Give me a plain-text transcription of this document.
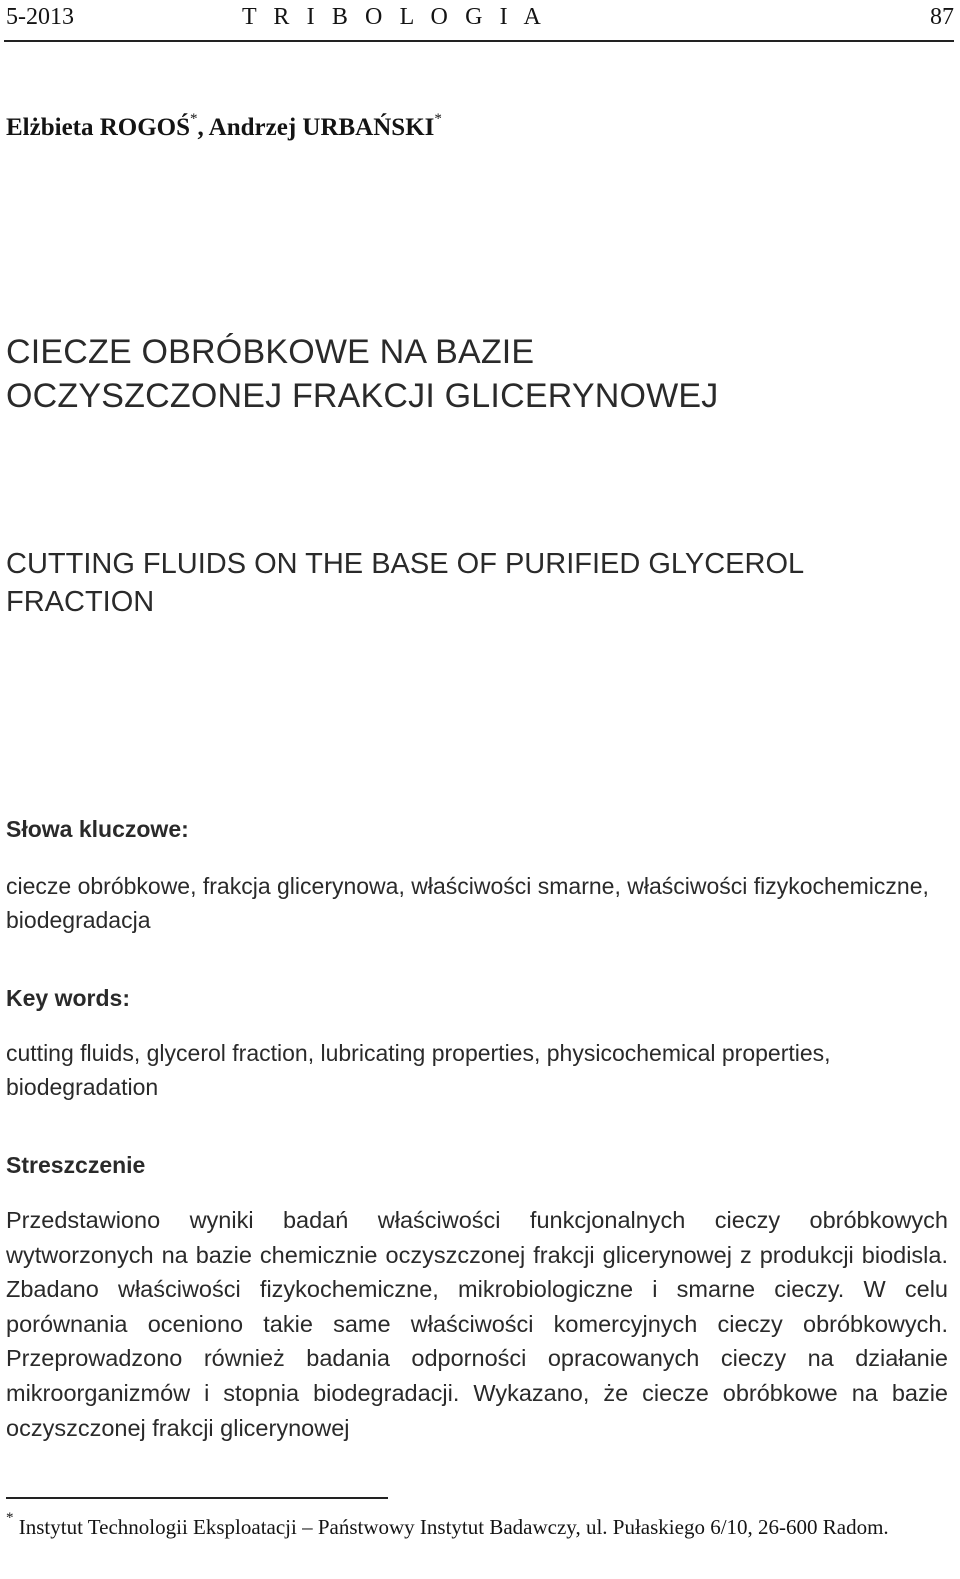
5-2013	T R I B O L O G I A	87
Elżbieta ROGOŚ*, Andrzej URBAŃSKI*
CIECZE OBRÓBKOWE NA BAZIE
OCZYSZCZONEJ FRAKCJI GLICERYNOWEJ
CUTTING FLUIDS ON THE BASE OF PURIFIED GLYCEROL
FRACTION
Słowa kluczowe:
ciecze obróbkowe, frakcja glicerynowa, właściwości smarne, właściwości fizykochemiczne, biodegradacja
Key words:
cutting fluids, glycerol fraction, lubricating properties, physicochemical properties, biodegradation
Streszczenie

Przedstawiono wyniki badań właściwości funkcjonalnych cieczy obróbkowych wytworzonych na bazie chemicznie oczyszczonej frakcji glicerynowej z produkcji biodisla. Zbadano właściwości fizykochemiczne, mikrobiologiczne i smarne cieczy. W celu porównania oceniono takie same właściwości komercyjnych cieczy obróbkowych. Przeprowadzono również badania odporności opracowanych cieczy na działanie mikroorganizmów i stopnia biodegradacji. Wykazano, że ciecze obróbkowe na bazie oczyszczonej frakcji glicerynowej

* Instytut Technologii Eksploatacji – Państwowy Instytut Badawczy, ul. Pułaskiego 6/10, 26-600 Radom.
